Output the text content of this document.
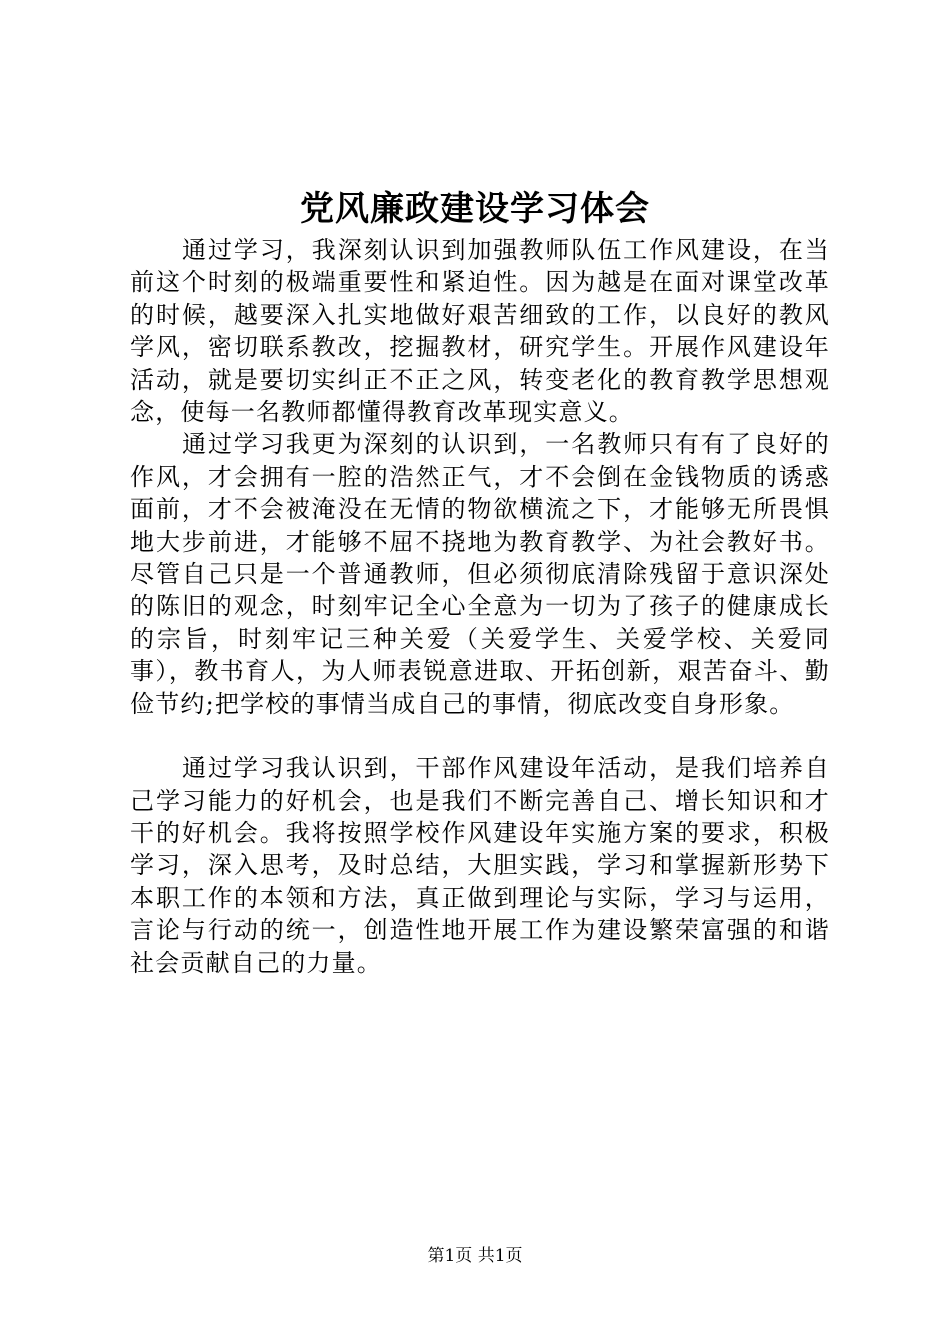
党风廉政建设学习体会

通过学习，我深刻认识到加强教师队伍工作风建设，在当前这个时刻的极端重要性和紧迫性。因为越是在面对课堂改革的时候，越要深入扎实地做好艰苦细致的工作，以良好的教风学风，密切联系教改，挖掘教材，研究学生。开展作风建设年活动，就是要切实纠正不正之风，转变老化的教育教学思想观念，使每一名教师都懂得教育改革现实意义。

通过学习我更为深刻的认识到，一名教师只有有了良好的作风，才会拥有一腔的浩然正气，才不会倒在金钱物质的诱惑面前，才不会被淹没在无情的物欲横流之下，才能够无所畏惧地大步前进，才能够不屈不挠地为教育教学、为社会教好书。尽管自己只是一个普通教师，但必须彻底清除残留于意识深处的陈旧的观念，时刻牢记全心全意为一切为了孩子的健康成长的宗旨，时刻牢记三种关爱（关爱学生、关爱学校、关爱同事），教书育人，为人师表锐意进取、开拓创新，艰苦奋斗、勤俭节约;把学校的事情当成自己的事情，彻底改变自身形象。

通过学习我认识到，干部作风建设年活动，是我们培养自己学习能力的好机会，也是我们不断完善自己、增长知识和才干的好机会。我将按照学校作风建设年实施方案的要求，积极学习，深入思考，及时总结，大胆实践，学习和掌握新形势下本职工作的本领和方法，真正做到理论与实际，学习与运用，言论与行动的统一，创造性地开展工作为建设繁荣富强的和谐社会贡献自己的力量。

第1页 共1页
